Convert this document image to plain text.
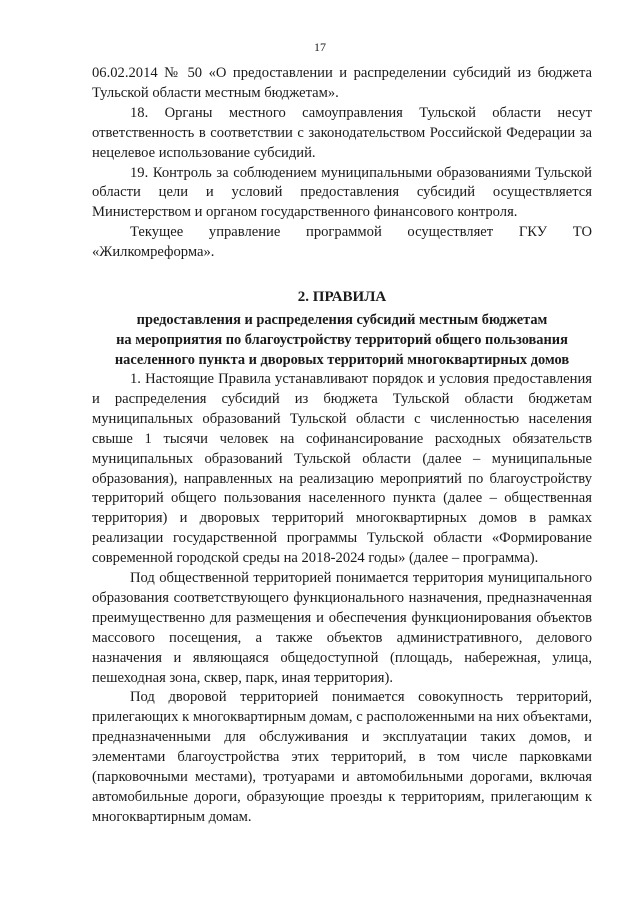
17

06.02.2014 № 50 «О предоставлении и распределении субсидий из бюджета Тульской области местным бюджетам».

18. Органы местного самоуправления Тульской области несут ответственность в соответствии с законодательством Российской Федерации за нецелевое использование субсидий.

19. Контроль за соблюдением муниципальными образованиями Тульской области цели и условий предоставления субсидий осуществляется Министерством и органом государственного финансового контроля.

Текущее управление программой осуществляет ГКУ ТО «Жилкомреформа».

2. ПРАВИЛА
предоставления и распределения субсидий местным бюджетам
на мероприятия по благоустройству территорий общего пользования
населенного пункта и дворовых территорий многоквартирных домов

1. Настоящие Правила устанавливают порядок и условия предоставления и распределения субсидий из бюджета Тульской области бюджетам муниципальных образований Тульской области с численностью населения свыше 1 тысячи человек на софинансирование расходных обязательств муниципальных образований Тульской области (далее – муниципальные образования), направленных на реализацию мероприятий по благоустройству территорий общего пользования населенного пункта (далее – общественная территория) и дворовых территорий многоквартирных домов в рамках реализации государственной программы Тульской области «Формирование современной городской среды на 2018-2024 годы» (далее – программа).

Под общественной территорией понимается территория муниципального образования соответствующего функционального назначения, предназначенная преимущественно для размещения и обеспечения функционирования объектов массового посещения, а также объектов административного, делового назначения и являющаяся общедоступной (площадь, набережная, улица, пешеходная зона, сквер, парк, иная территория).

Под дворовой территорией понимается совокупность территорий, прилегающих к многоквартирным домам, с расположенными на них объектами, предназначенными для обслуживания и эксплуатации таких домов, и элементами благоустройства этих территорий, в том числе парковками (парковочными местами), тротуарами и автомобильными дорогами, включая автомобильные дороги, образующие проезды к территориям, прилегающим к многоквартирным домам.
